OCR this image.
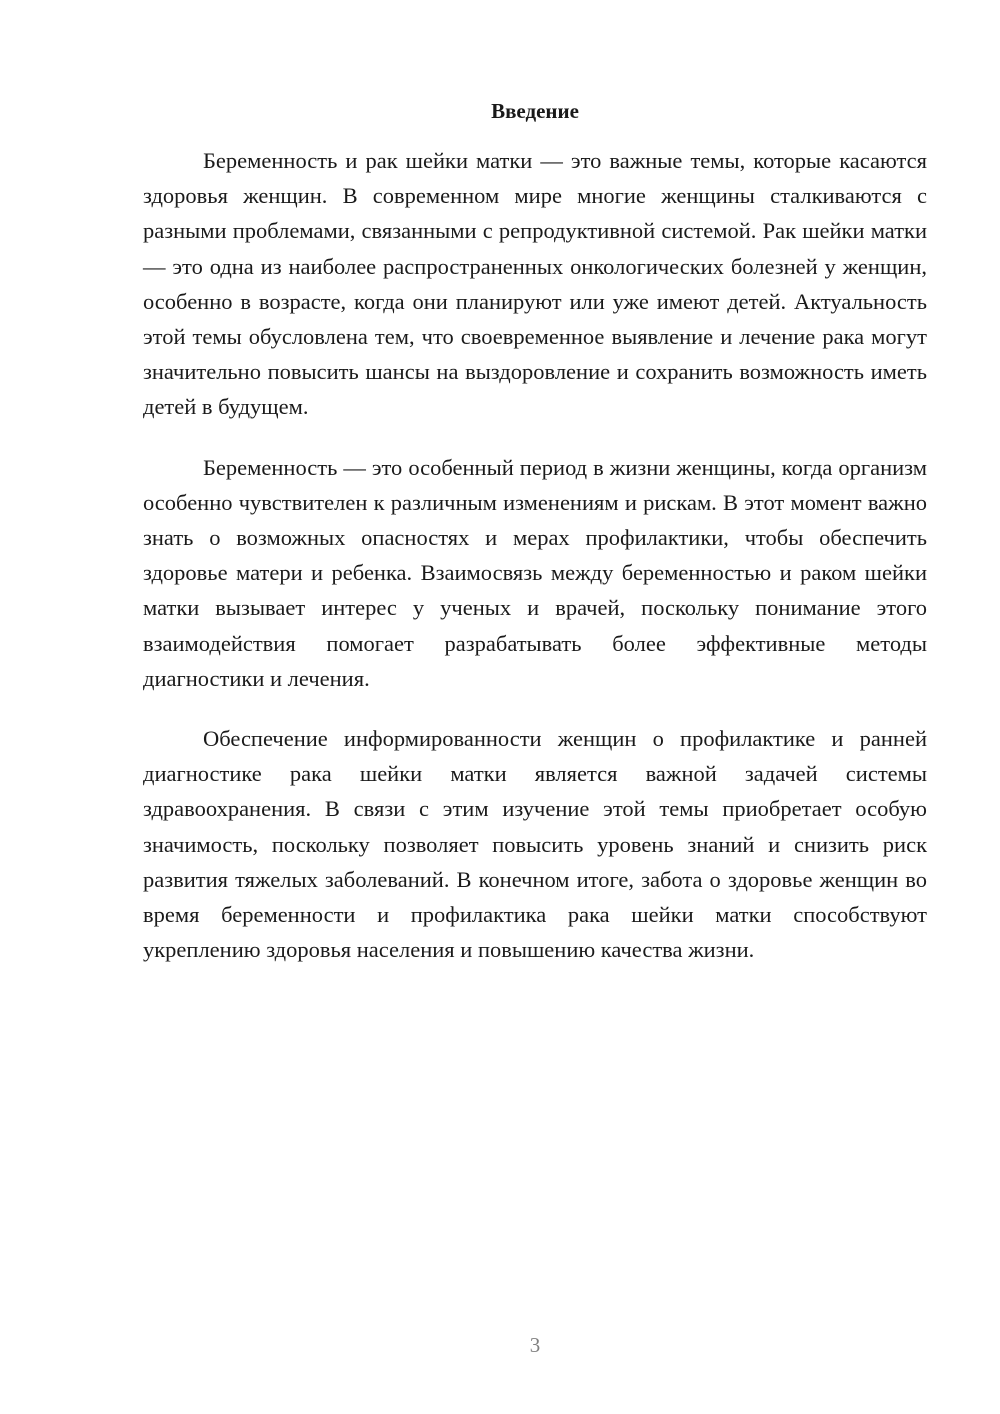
Введение

Беременность и рак шейки матки — это важные темы, которые касаются здоровья женщин. В современном мире многие женщины сталкиваются с разными проблемами, связанными с репродуктивной системой. Рак шейки матки — это одна из наиболее распространенных онкологических болезней у женщин, особенно в возрасте, когда они планируют или уже имеют детей. Актуальность этой темы обусловлена тем, что своевременное выявление и лечение рака могут значительно повысить шансы на выздоровление и сохранить возможность иметь детей в будущем.

Беременность — это особенный период в жизни женщины, когда организм особенно чувствителен к различным изменениям и рискам. В этот момент важно знать о возможных опасностях и мерах профилактики, чтобы обеспечить здоровье матери и ребенка. Взаимосвязь между беременностью и раком шейки матки вызывает интерес у ученых и врачей, поскольку понимание этого взаимодействия помогает разрабатывать более эффективные методы диагностики и лечения.

Обеспечение информированности женщин о профилактике и ранней диагностике рака шейки матки является важной задачей системы здравоохранения. В связи с этим изучение этой темы приобретает особую значимость, поскольку позволяет повысить уровень знаний и снизить риск развития тяжелых заболеваний. В конечном итоге, забота о здоровье женщин во время беременности и профилактика рака шейки матки способствуют укреплению здоровья населения и повышению качества жизни.

3
